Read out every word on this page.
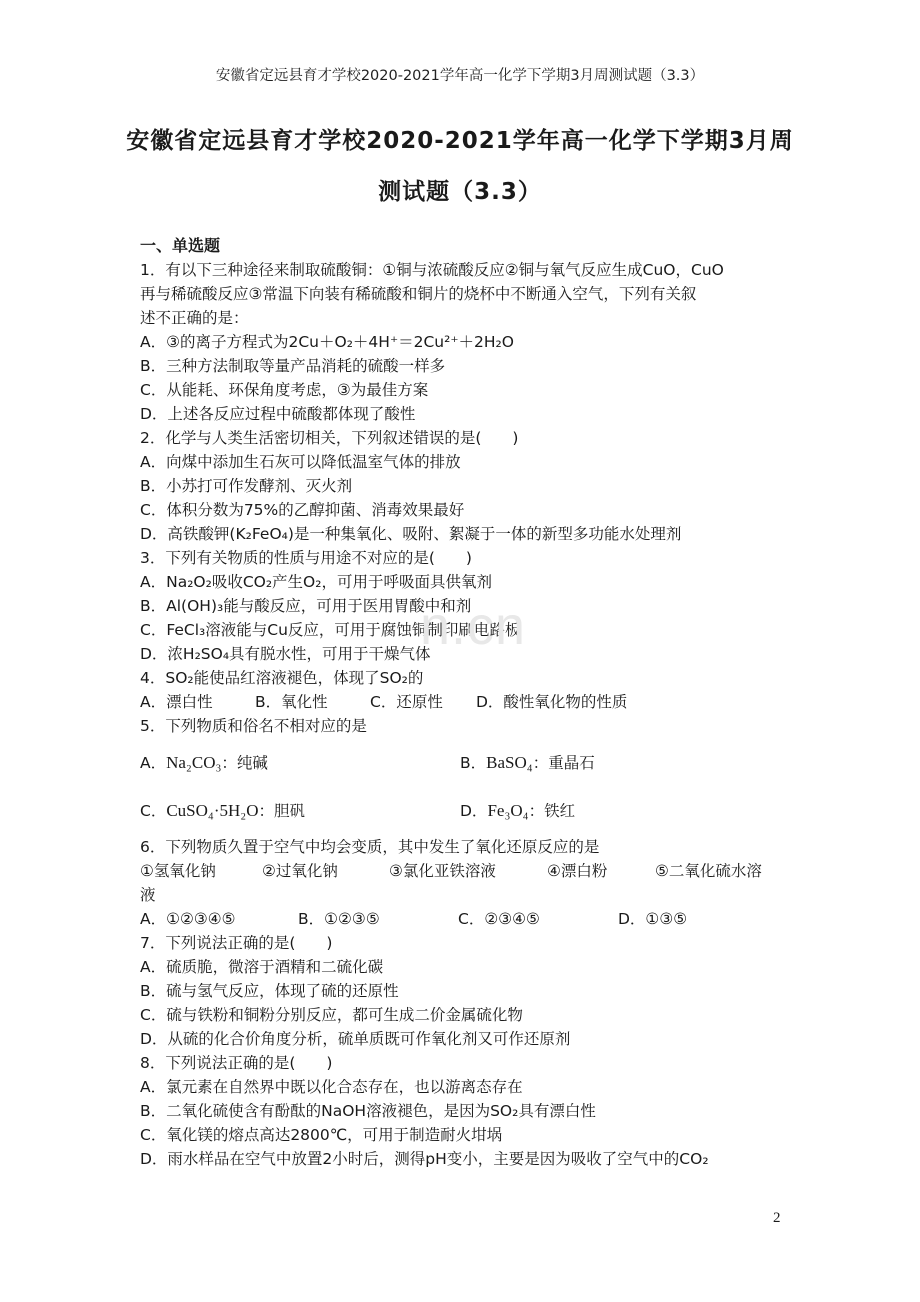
安徽省定远县育才学校2020-2021学年高一化学下学期3月周测试题（3.3）
安徽省定远县育才学校2020-2021学年高一化学下学期3月周
测试题（3.3）
一、单选题
1．有以下三种途径来制取硫酸铜：①铜与浓硫酸反应②铜与氧气反应生成CuO，CuO
再与稀硫酸反应③常温下向装有稀硫酸和铜片的烧杯中不断通入空气，下列有关叙
述不正确的是：
A．③的离子方程式为2Cu＋O₂＋4H⁺＝2Cu²⁺＋2H₂O
B．三种方法制取等量产品消耗的硫酸一样多
C．从能耗、环保角度考虑，③为最佳方案
D．上述各反应过程中硫酸都体现了酸性
2．化学与人类生活密切相关，下列叙述错误的是(　　)
A．向煤中添加生石灰可以降低温室气体的排放
B．小苏打可作发酵剂、灭火剂
C．体积分数为75%的乙醇抑菌、消毒效果最好
D．高铁酸钾(K₂FeO₄)是一种集氧化、吸附、絮凝于一体的新型多功能水处理剂
3．下列有关物质的性质与用途不对应的是(　　)
A．Na₂O₂吸收CO₂产生O₂，可用于呼吸面具供氧剂
B．Al(OH)₃能与酸反应，可用于医用胃酸中和剂
C．FeCl₃溶液能与Cu反应，可用于腐蚀铜制印刷电路板
D．浓H₂SO₄具有脱水性，可用于干燥气体
4．SO₂能使品红溶液褪色，体现了SO₂的
A．漂白性	B．氧化性	C．还原性 D．酸性氧化物的性质
5．下列物质和俗名不相对应的是
A．Na₂CO₃：纯碱	B．BaSO₄：重晶石
C．CuSO₄·5H₂O：胆矾	D．Fe₃O₄：铁红
6．下列物质久置于空气中均会变质，其中发生了氧化还原反应的是
①氢氧化钠	②过氧化钠	③氯化亚铁溶液	④漂白粉	⑤二氧化硫水溶
液
A．①②③④⑤	B．①②③⑤	C．②③④⑤	D．①③⑤
7．下列说法正确的是(　　)
A．硫质脆，微溶于酒精和二硫化碳
B．硫与氢气反应，体现了硫的还原性
C．硫与铁粉和铜粉分别反应，都可生成二价金属硫化物
D．从硫的化合价角度分析，硫单质既可作氧化剂又可作还原剂
8．下列说法正确的是(　　)
A．氯元素在自然界中既以化合态存在，也以游离态存在
B．二氧化硫使含有酚酞的NaOH溶液褪色，是因为SO₂具有漂白性
C．氧化镁的熔点高达2800℃，可用于制造耐火坩埚
D．雨水样品在空气中放置2小时后，测得pH变小，主要是因为吸收了空气中的CO₂
n.cn
2
